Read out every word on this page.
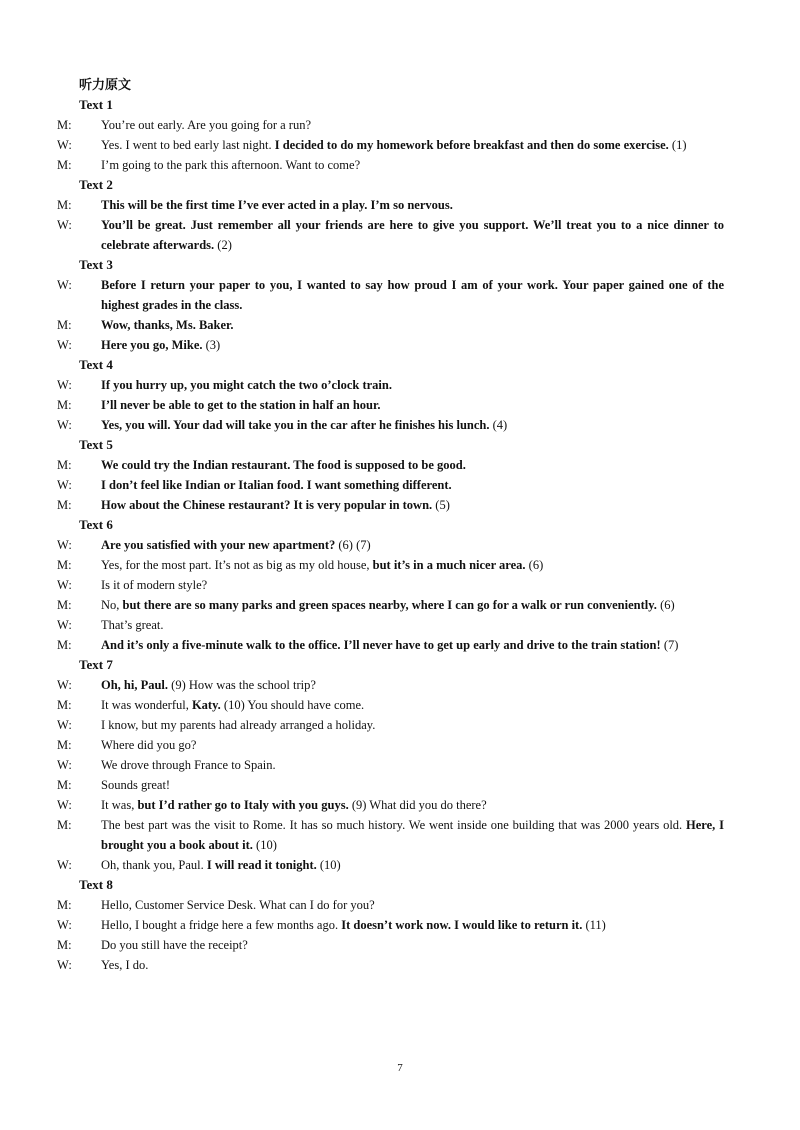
听力原文
Text 1
M: You’re out early. Are you going for a run?
W: Yes. I went to bed early last night. I decided to do my homework before breakfast and then do some exercise. (1)
M: I’m going to the park this afternoon. Want to come?
Text 2
M: This will be the first time I’ve ever acted in a play. I’m so nervous.
W: You’ll be great. Just remember all your friends are here to give you support. We’ll treat you to a nice dinner to celebrate afterwards. (2)
Text 3
W: Before I return your paper to you, I wanted to say how proud I am of your work. Your paper gained one of the highest grades in the class.
M: Wow, thanks, Ms. Baker.
W: Here you go, Mike. (3)
Text 4
W: If you hurry up, you might catch the two o’clock train.
M: I’ll never be able to get to the station in half an hour.
W: Yes, you will. Your dad will take you in the car after he finishes his lunch. (4)
Text 5
M: We could try the Indian restaurant. The food is supposed to be good.
W: I don’t feel like Indian or Italian food. I want something different.
M: How about the Chinese restaurant? It is very popular in town. (5)
Text 6
W: Are you satisfied with your new apartment? (6) (7)
M: Yes, for the most part. It’s not as big as my old house, but it’s in a much nicer area. (6)
W: Is it of modern style?
M: No, but there are so many parks and green spaces nearby, where I can go for a walk or run conveniently. (6)
W: That’s great.
M: And it’s only a five-minute walk to the office. I’ll never have to get up early and drive to the train station! (7)
Text 7
W: Oh, hi, Paul. (9) How was the school trip?
M: It was wonderful, Katy. (10) You should have come.
W: I know, but my parents had already arranged a holiday.
M: Where did you go?
W: We drove through France to Spain.
M: Sounds great!
W: It was, but I’d rather go to Italy with you guys. (9) What did you do there?
M: The best part was the visit to Rome. It has so much history. We went inside one building that was 2000 years old. Here, I brought you a book about it. (10)
W: Oh, thank you, Paul. I will read it tonight. (10)
Text 8
M: Hello, Customer Service Desk. What can I do for you?
W: Hello, I bought a fridge here a few months ago. It doesn’t work now. I would like to return it. (11)
M: Do you still have the receipt?
W: Yes, I do.
7
